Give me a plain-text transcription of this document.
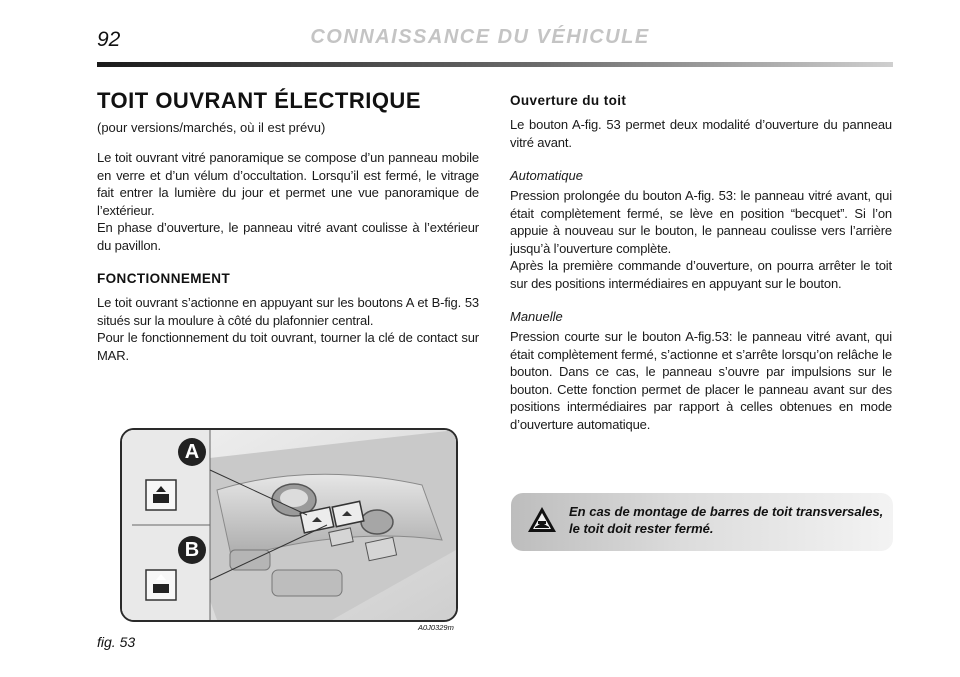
92	CONNAISSANCE DU VÉHICULE
TOIT OUVRANT ÉLECTRIQUE
(pour versions/marchés, où il est prévu)

Le toit ouvrant vitré panoramique se compose d’un panneau mobile en verre et d’un vélum d’occultation. Lorsqu’il est fermé, le vitrage fait entrer la lumière du jour et permet une vue panoramique de l’extérieur.

En phase d’ouverture, le panneau vitré avant coulisse à l’extérieur du pavillon.

FONCTIONNEMENT

Le toit ouvrant s’actionne en appuyant sur les boutons A et B-fig. 53 situés sur la moulure à côté du plafonnier central.

Pour le fonctionnement du toit ouvrant, tourner la clé de contact sur MAR.

A
B
fig. 53
A0J0329m
Ouverture du toit

Le bouton A-fig. 53 permet deux modalité d’ouverture du panneau vitré avant.

Automatique

Pression prolongée du bouton A-fig. 53: le panneau vitré avant, qui était complètement fermé, se lève en position “becquet”. Si l’on appuie à nouveau sur le bouton, le panneau coulisse vers l’arrière jusqu’à l’ouverture complète.

Après la première commande d’ouverture, on pourra arrêter le toit sur des positions intermédiaires en appuyant sur le bouton.

Manuelle

Pression courte sur le bouton A-fig.53: le panneau vitré avant, qui était complètement fermé, s’actionne et s’arrête lorsqu’on relâche le bouton. Dans ce cas, le panneau s’ouvre par impulsions sur le bouton. Cette fonction permet de placer le panneau avant sur des positions intermédiaires par rapport à celles obtenues en mode d’ouverture automatique.

En cas de montage de barres de toit transversales, le toit doit rester fermé.
